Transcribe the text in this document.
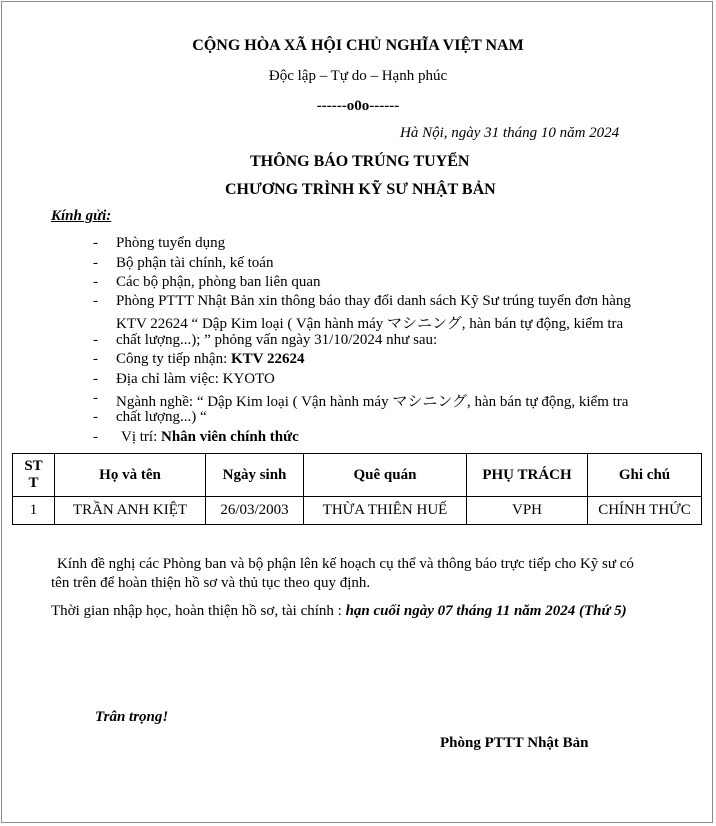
CỘNG HÒA XÃ HỘI CHỦ NGHĨA VIỆT NAM
Độc lập – Tự do – Hạnh phúc
------o0o------
Hà Nội, ngày 31 tháng 10 năm 2024
THÔNG BÁO TRÚNG TUYỂN
CHƯƠNG TRÌNH KỸ SƯ NHẬT BẢN
Kính gửi:
- Phòng tuyển dụng
- Bộ phận tài chính, kế toán
- Các bộ phận, phòng ban liên quan
- Phòng PTTT Nhật Bản xin thông báo thay đổi danh sách Kỹ Sư trúng tuyển đơn hàng
KTV 22624 “ Dập Kim loại ( Vận hành máy マシニング, hàn bán tự động, kiểm tra
- chất lượng...); ” phỏng vấn ngày 31/10/2024 như sau:
- Công ty tiếp nhận: KTV 22624
- Địa chỉ làm việc: KYOTO
- Ngành nghề: “ Dập Kim loại ( Vận hành máy マシニング, hàn bán tự động, kiểm tra
- chất lượng...) “
- Vị trí: Nhân viên chính thức
ST
T	Họ và tên	Ngày sinh	Quê quán	PHỤ TRÁCH	Ghi chú
1	TRẦN ANH KIỆT	26/03/2003	THỪA THIÊN HUẾ	VPH	CHÍNH THỨC
Kính đề nghị các Phòng ban và bộ phận lên kế hoạch cụ thể và thông báo trực tiếp cho Kỹ sư có
tên trên để hoàn thiện hồ sơ và thủ tục theo quy định.
Thời gian nhập học, hoàn thiện hồ sơ, tài chính : hạn cuối ngày 07 tháng 11 năm 2024 (Thứ 5)
Trân trọng!
Phòng PTTT Nhật Bản
